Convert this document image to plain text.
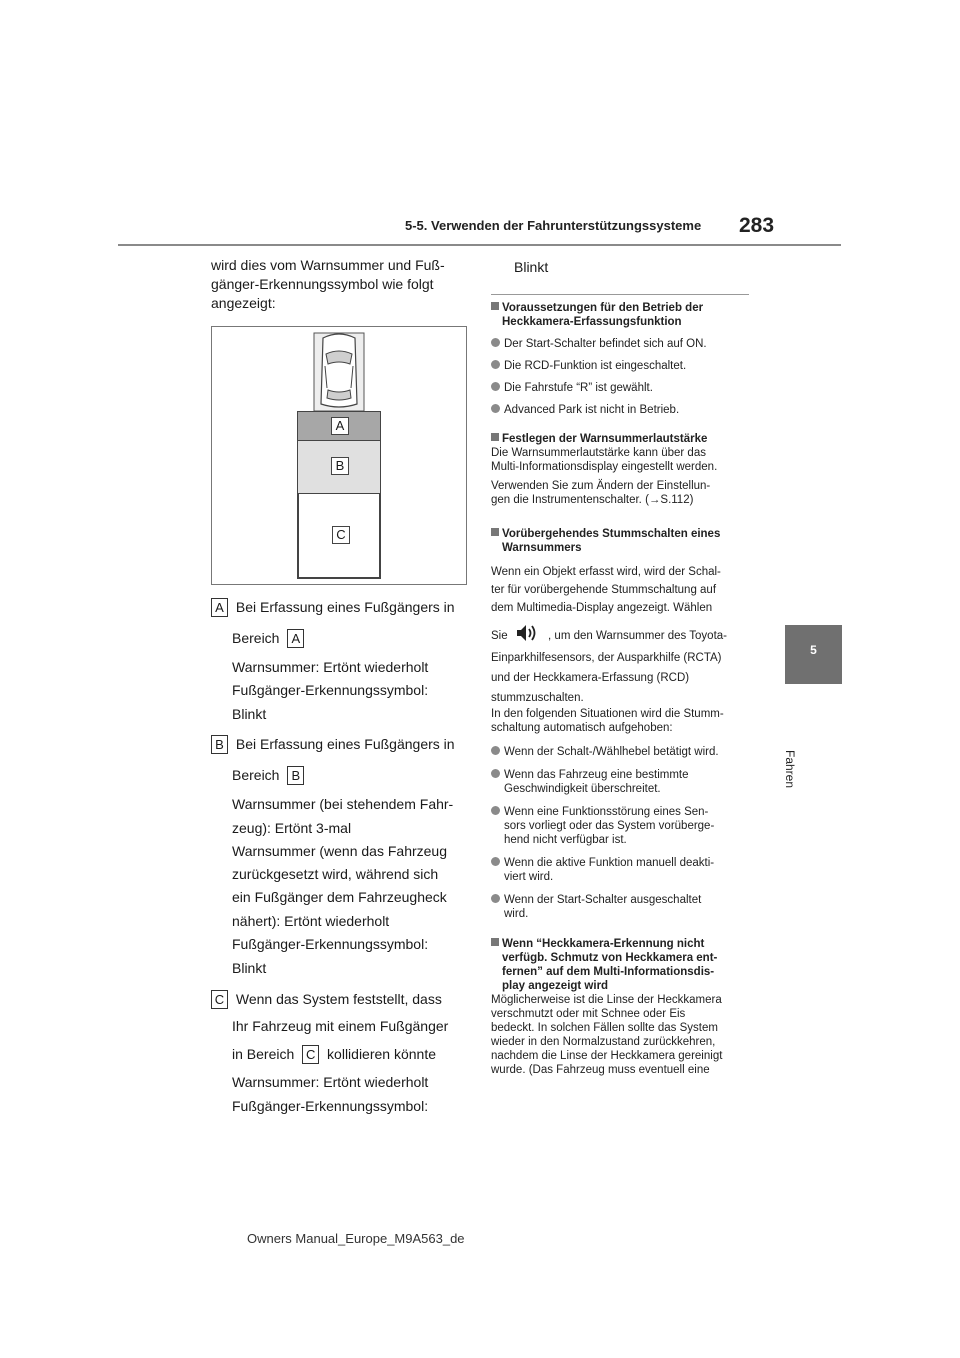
5-5. Verwenden der Fahrunterstützungssysteme 283
5
Fahren
wird dies vom Warnsummer und Fuß-
gänger-Erkennungssymbol wie folgt
angezeigt:
A
B
C
A Bei Erfassung eines Fußgängers in
Bereich A
Warnsummer: Ertönt wiederholt
Fußgänger-Erkennungssymbol:
Blinkt
B Bei Erfassung eines Fußgängers in
Bereich B
Warnsummer (bei stehendem Fahr-
zeug): Ertönt 3-mal
Warnsummer (wenn das Fahrzeug
zurückgesetzt wird, während sich
ein Fußgänger dem Fahrzeugheck
nähert): Ertönt wiederholt
Fußgänger-Erkennungssymbol:
Blinkt
C Wenn das System feststellt, dass
Ihr Fahrzeug mit einem Fußgänger
in Bereich C kollidieren könnte
Warnsummer: Ertönt wiederholt
Fußgänger-Erkennungssymbol:
Blinkt
Voraussetzungen für den Betrieb der
Heckkamera-Erfassungsfunktion
Der Start-Schalter befindet sich auf ON.
Die RCD-Funktion ist eingeschaltet.
Die Fahrstufe “R” ist gewählt.
Advanced Park ist nicht in Betrieb.
Festlegen der Warnsummerlautstärke
Die Warnsummerlautstärke kann über das
Multi-Informationsdisplay eingestellt werden.
Verwenden Sie zum Ändern der Einstellun-
gen die Instrumentenschalter. (→S.112)
Vorübergehendes Stummschalten eines
Warnsummers
Wenn ein Objekt erfasst wird, wird der Schal-
ter für vorübergehende Stummschaltung auf
dem Multimedia-Display angezeigt. Wählen
Sie	, um den Warnsummer des Toyota-
Einparkhilfesensors, der Ausparkhilfe (RCTA)
und der Heckkamera-Erfassung (RCD)
stummzuschalten.
In den folgenden Situationen wird die Stumm-
schaltung automatisch aufgehoben:
Wenn der Schalt-/Wählhebel betätigt wird.
Wenn das Fahrzeug eine bestimmte
Geschwindigkeit überschreitet.
Wenn eine Funktionsstörung eines Sen-
sors vorliegt oder das System vorüberge-
hend nicht verfügbar ist.
Wenn die aktive Funktion manuell deakti-
viert wird.
Wenn der Start-Schalter ausgeschaltet
wird.
Wenn “Heckkamera-Erkennung nicht
verfügb. Schmutz von Heckkamera ent-
fernen” auf dem Multi-Informationsdis-
play angezeigt wird
Möglicherweise ist die Linse der Heckkamera
verschmutzt oder mit Schnee oder Eis
bedeckt. In solchen Fällen sollte das System
wieder in den Normalzustand zurückkehren,
nachdem die Linse der Heckkamera gereinigt
wurde. (Das Fahrzeug muss eventuell eine
Owners Manual_Europe_M9A563_de
